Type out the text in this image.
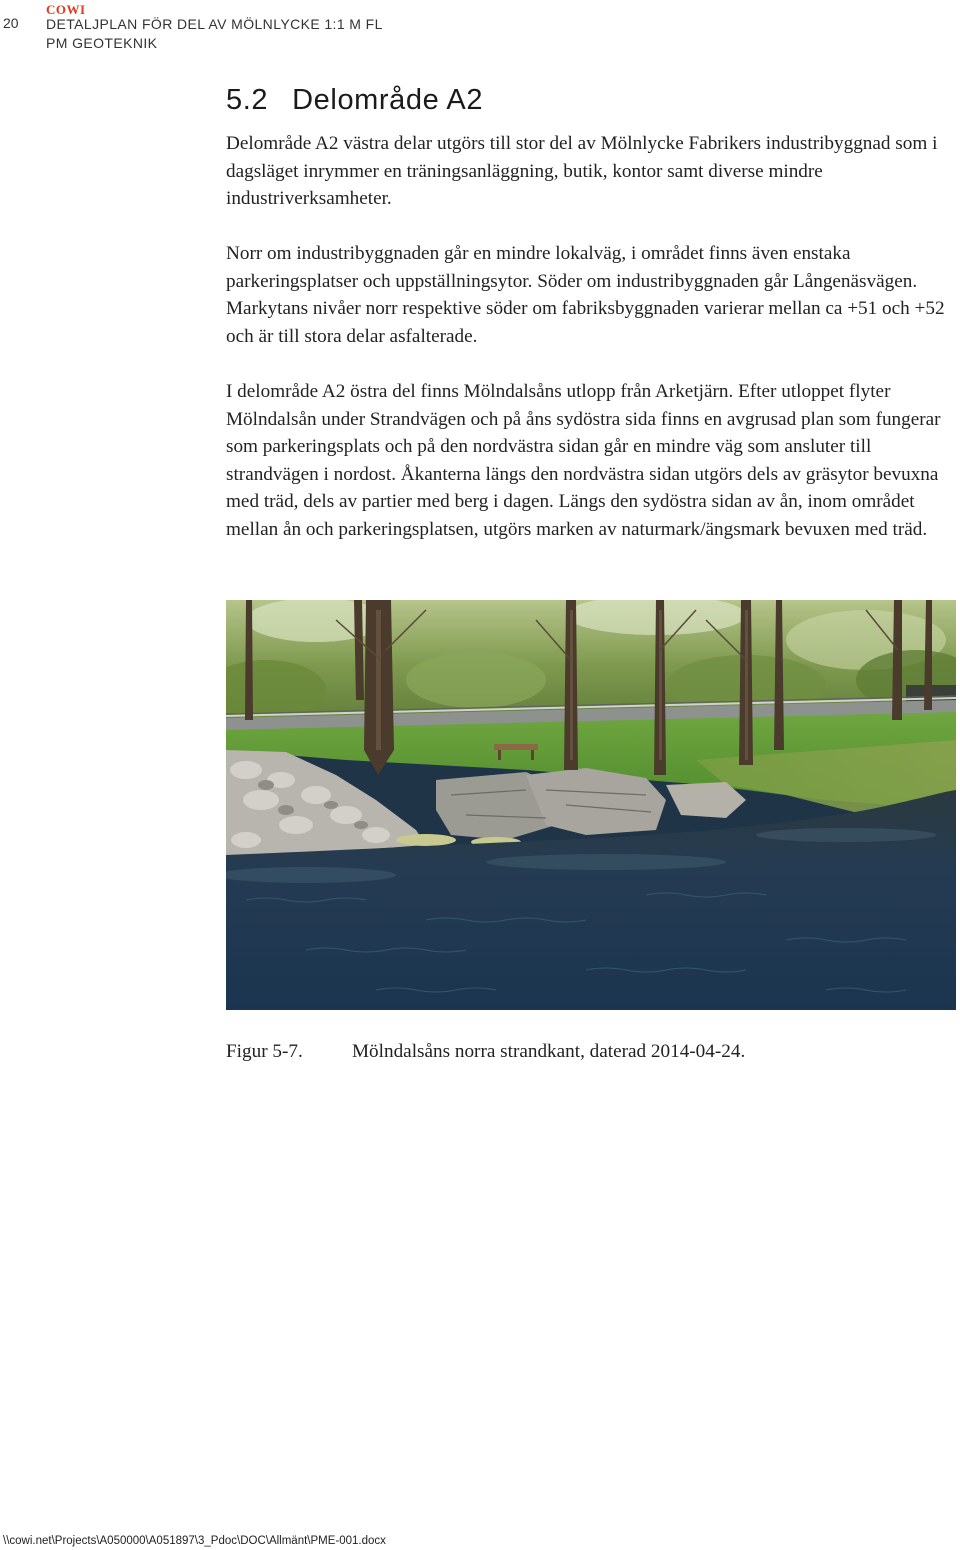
20
COWI
DETALJPLAN FÖR DEL AV MÖLNLYCKE 1:1 M FL
PM GEOTEKNIK
5.2 Delområde A2

Delområde A2 västra delar utgörs till stor del av Mölnlycke Fabrikers industribyggnad som i dagsläget inrymmer en träningsanläggning, butik, kontor samt diverse mindre industriverksamheter.

Norr om industribyggnaden går en mindre lokalväg, i området finns även enstaka parkeringsplatser och uppställningsytor. Söder om industribyggnaden går Långenäsvägen. Markytans nivåer norr respektive söder om fabriksbyggnaden varierar mellan ca +51 och +52 och är till stora delar asfalterade.

I delområde A2 östra del finns Mölndalsåns utlopp från Arketjärn. Efter utloppet flyter Mölndalsån under Strandvägen och på åns sydöstra sida finns en avgrusad plan som fungerar som parkeringsplats och på den nordvästra sidan går en mindre väg som ansluter till strandvägen i nordost. Åkanterna längs den nordvästra sidan utgörs dels av gräsytor bevuxna med träd, dels av partier med berg i dagen. Längs den sydöstra sidan av ån, inom området mellan ån och parkeringsplatsen, utgörs marken av naturmark/ängsmark bevuxen med träd.

Figur 5-7.	Mölndalsåns norra strandkant, daterad 2014-04-24.
\\cowi.net\Projects\A050000\A051897\3_Pdoc\DOC\Allmänt\PME-001.docx
